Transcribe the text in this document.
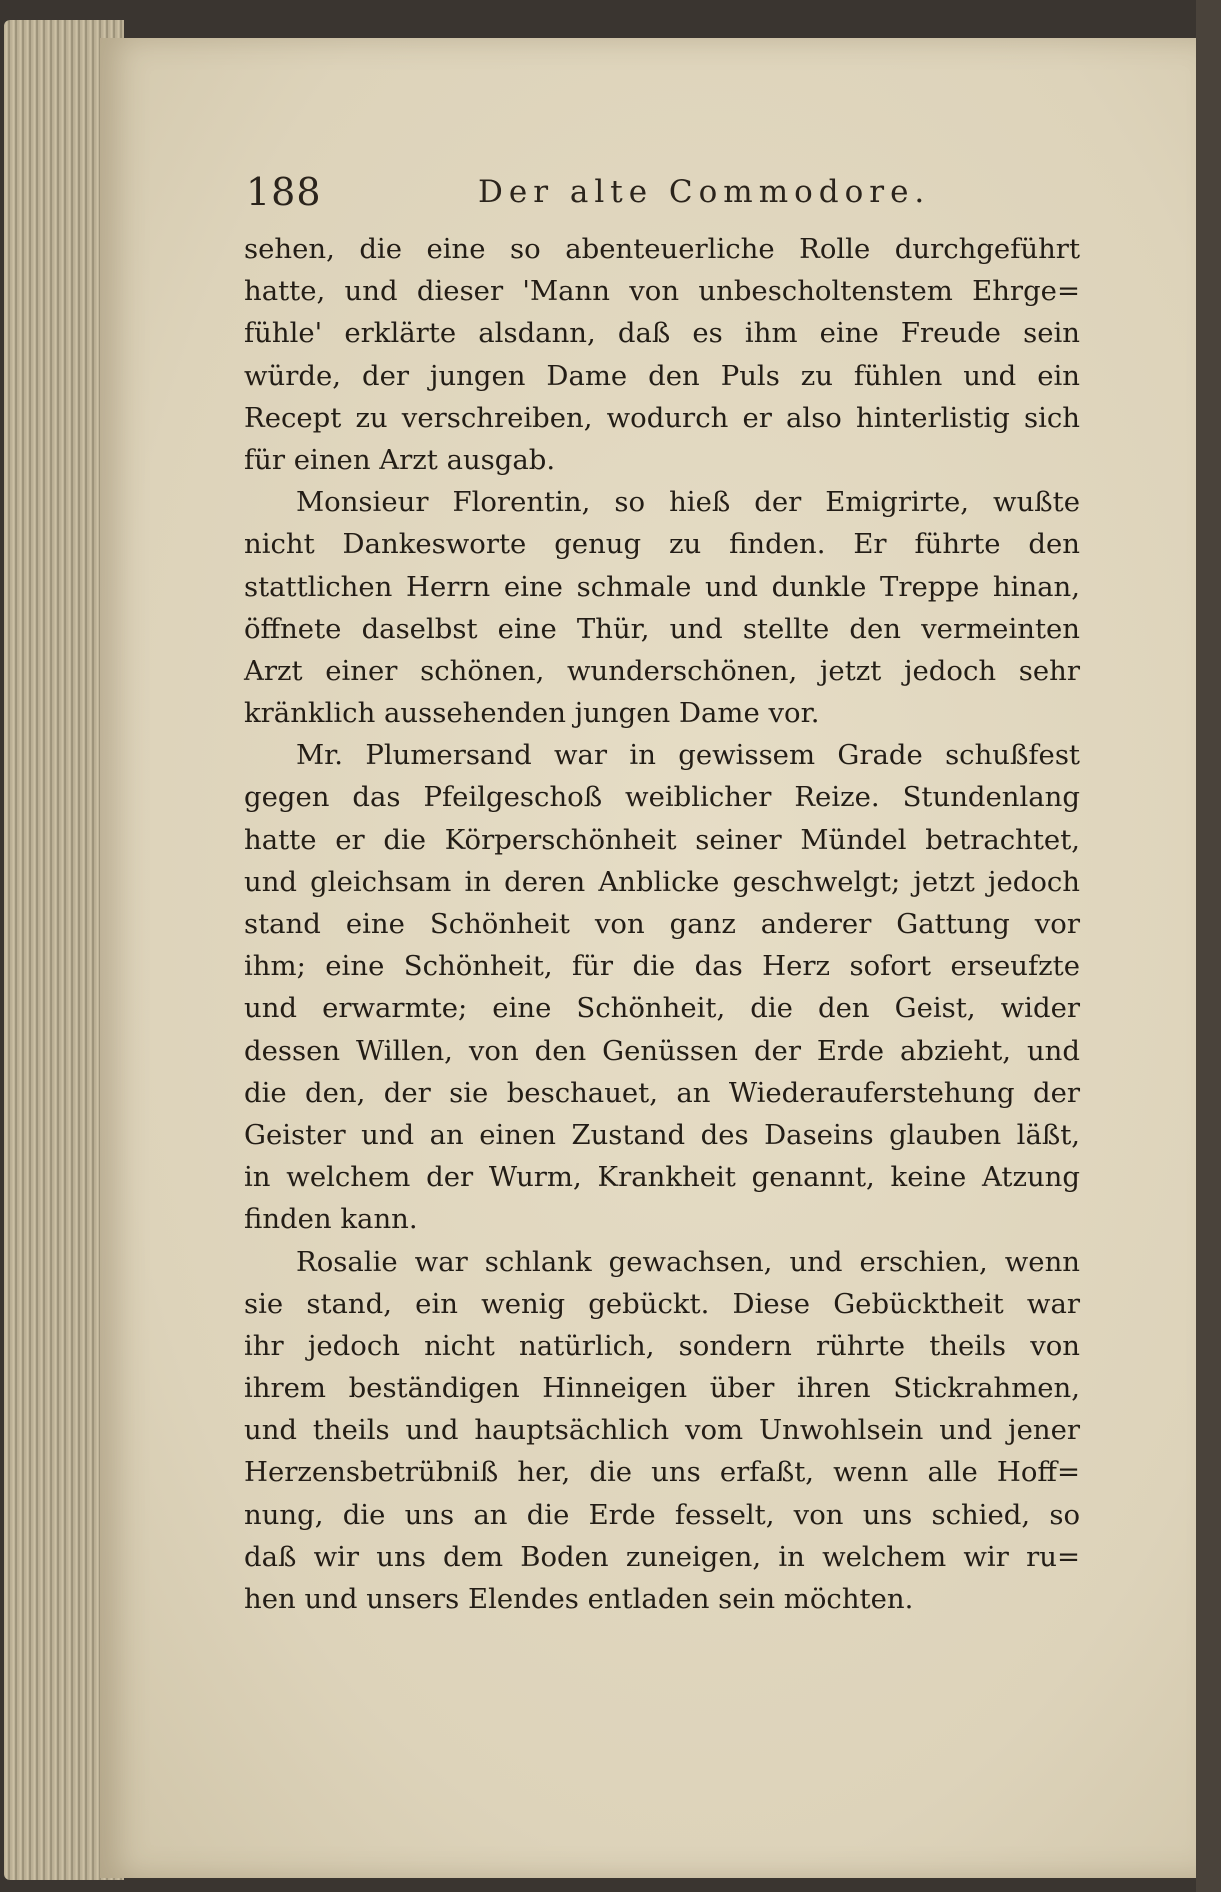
188	Der alte Commodore.
sehen, die eine so abenteuerliche Rolle durchgeführt
hatte, und dieser 'Mann von unbescholtenstem Ehrge=
fühle' erklärte alsdann, daß es ihm eine Freude sein
würde, der jungen Dame den Puls zu fühlen und ein
Recept zu verschreiben, wodurch er also hinterlistig sich
für einen Arzt ausgab.
Monsieur Florentin, so hieß der Emigrirte, wußte
nicht Dankesworte genug zu finden. Er führte den
stattlichen Herrn eine schmale und dunkle Treppe hinan,
öffnete daselbst eine Thür, und stellte den vermeinten
Arzt einer schönen, wunderschönen, jetzt jedoch sehr
kränklich aussehenden jungen Dame vor.
Mr. Plumersand war in gewissem Grade schußfest
gegen das Pfeilgeschoß weiblicher Reize. Stundenlang
hatte er die Körperschönheit seiner Mündel betrachtet,
und gleichsam in deren Anblicke geschwelgt; jetzt jedoch
stand eine Schönheit von ganz anderer Gattung vor
ihm; eine Schönheit, für die das Herz sofort erseufzte
und erwarmte; eine Schönheit, die den Geist, wider
dessen Willen, von den Genüssen der Erde abzieht, und
die den, der sie beschauet, an Wiederauferstehung der
Geister und an einen Zustand des Daseins glauben läßt,
in welchem der Wurm, Krankheit genannt, keine Atzung
finden kann.
Rosalie war schlank gewachsen, und erschien, wenn
sie stand, ein wenig gebückt. Diese Gebücktheit war
ihr jedoch nicht natürlich, sondern rührte theils von
ihrem beständigen Hinneigen über ihren Stickrahmen,
und theils und hauptsächlich vom Unwohlsein und jener
Herzensbetrübniß her, die uns erfaßt, wenn alle Hoff=
nung, die uns an die Erde fesselt, von uns schied, so
daß wir uns dem Boden zuneigen, in welchem wir ru=
hen und unsers Elendes entladen sein möchten.
